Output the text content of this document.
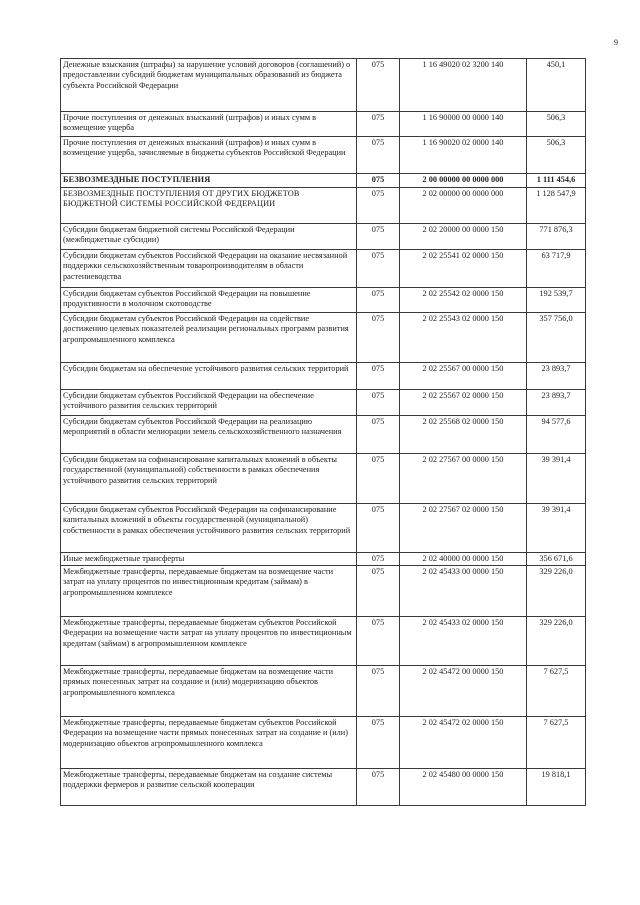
9
Денежные взыскания (штрафы) за нарушение условий договоров (соглашений) о предоставлении субсидий бюджетам муниципальных образований из бюджета субъекта Российской Федерации	075	1 16 49020 02 3200 140	450,1
Прочие поступления от денежных взысканий (штрафов) и иных сумм в возмещение ущерба	075	1 16 90000 00 0000 140	506,3
Прочие поступления от денежных взысканий (штрафов) и иных сумм в возмещение ущерба, зачисляемые в бюджеты субъектов Российской Федерации	075	1 16 90020 02 0000 140	506,3
БЕЗВОЗМЕЗДНЫЕ ПОСТУПЛЕНИЯ	075	2 00 00000 00 0000 000	1 111 454,6
БЕЗВОЗМЕЗДНЫЕ ПОСТУПЛЕНИЯ ОТ ДРУГИХ БЮДЖЕТОВ БЮДЖЕТНОЙ СИСТЕМЫ РОССИЙСКОЙ ФЕДЕРАЦИИ	075	2 02 00000 00 0000 000	1 128 547,9
Субсидии бюджетам бюджетной системы Российской Федерации (межбюджетные субсидии)	075	2 02 20000 00 0000 150	771 876,3
Субсидии бюджетам субъектов Российской Федерации на оказание несвязанной поддержки сельскохозяйственным товаропроизводителям в области растениеводства	075	2 02 25541 02 0000 150	63 717,9
Субсидии бюджетам субъектов Российской Федерации на повышение продуктивности в молочном скотоводстве	075	2 02 25542 02 0000 150	192 539,7
Субсидии бюджетам субъектов Российской Федерации на содействие достижению целевых показателей реализации региональных программ развития агропромышленного комплекса	075	2 02 25543 02 0000 150	357 756,0
Субсидии бюджетам на обеспечение устойчивого развития сельских территорий	075	2 02 25567 00 0000 150	23 893,7
Субсидии бюджетам субъектов Российской Федерации на обеспечение устойчивого развития сельских территорий	075	2 02 25567 02 0000 150	23 893,7
Субсидии бюджетам субъектов Российской Федерации на реализацию мероприятий в области мелиорации земель сельскохозяйственного назначения	075	2 02 25568 02 0000 150	94 577,6
Субсидии бюджетам на софинансирование капитальных вложений в объекты государственной (муниципальной) собственности в рамках обеспечения устойчивого развития сельских территорий	075	2 02 27567 00 0000 150	39 391,4
Субсидии бюджетам субъектов Российской Федерации на софинансирование капитальных вложений в объекты государственной (муниципальной) собственности в рамках обеспечения устойчивого развития сельских территорий	075	2 02 27567 02 0000 150	39 391,4
Иные межбюджетные трансферты	075	2 02 40000 00 0000 150	356 671,6
Межбюджетные трансферты, передаваемые бюджетам на возмещение части затрат на уплату процентов по инвестиционным кредитам (займам) в агропромышленном комплексе	075	2 02 45433 00 0000 150	329 226,0
Межбюджетные трансферты, передаваемые бюджетам субъектов Российской Федерации на возмещение части затрат на уплату процентов по инвестиционным кредитам (займам) в агропромышленном комплексе	075	2 02 45433 02 0000 150	329 226,0
Межбюджетные трансферты, передаваемые бюджетам на возмещение части прямых понесенных затрат на создание и (или) модернизацию объектов агропромышленного комплекса	075	2 02 45472 00 0000 150	7 627,5
Межбюджетные трансферты, передаваемые бюджетам субъектов Российской Федерации на возмещение части прямых понесенных затрат на создание и (или) модернизацию объектов агропромышленного комплекса	075	2 02 45472 02 0000 150	7 627,5
Межбюджетные трансферты, передаваемые бюджетам на создание системы поддержки фермеров и развитие сельской кооперации	075	2 02 45480 00 0000 150	19 818,1
